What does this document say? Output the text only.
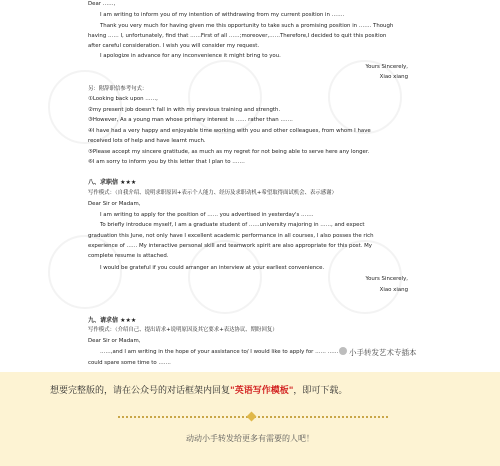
Dear ……,
I am writing to inform you of my intention of withdrawing from my current position in …….
Thank you very much for having given me this opportunity to take such a promising position in ……. Though
having …… I, unfortunately, find that ……First of all ……;moreover,……Therefore,I decided to quit this position
after careful consideration. I wish you will consider my request.
I apologize in advance for any inconvenience it might bring to you.
Yours Sincerely,
Xiao xiang
另：附辞职信参考句式：
①Looking back upon ……,
②my present job doesn't fall in with my previous training and strength.
③However, As a young man whose primary interest is …… rather than …….
④I have had a very happy and enjoyable time working with you and other colleagues, from whom I have
received lots of help and have learnt much.
⑤Please accept my sincere gratitude, as much as my regret for not being able to serve here any longer.
⑥I am sorry to inform you by this letter that I plan to …….
八、求职信 ★★★
写作模式：（自我介绍、说明求职原因+表示个人能力、经历及求职动机+希望取得面试机会、表示感谢）
Dear Sir or Madam,
I am writing to apply for the position of …… you advertised in yesterday's …….
To briefly introduce myself, I am a graduate student of ……university majoring in ……, and expect
graduation this June, not only have I excellent academic performance in all courses, I also posses the rich
experience of …… My interactive personal skill and teamwork spirit are also appropriate for this post. My
complete resume is attached.
I would be grateful if you could arranger an interview at your earliest convenience.
Yours Sincerely,
Xiao xiang
九、请求信 ★★★
写作模式：（介绍自己、提出请求+说明原因及其它要求+表达协议、期盼回复）
Dear Sir or Madam,
……,and I am writing in the hope of your assistance to/ I would like to apply for …… ……
could spare some time to …….
小手转发艺术专插本
想要完整版的，请在公众号的对话框架内回复"英语写作模板"，即可下载。
动动小手转发给更多有需要的人吧！
